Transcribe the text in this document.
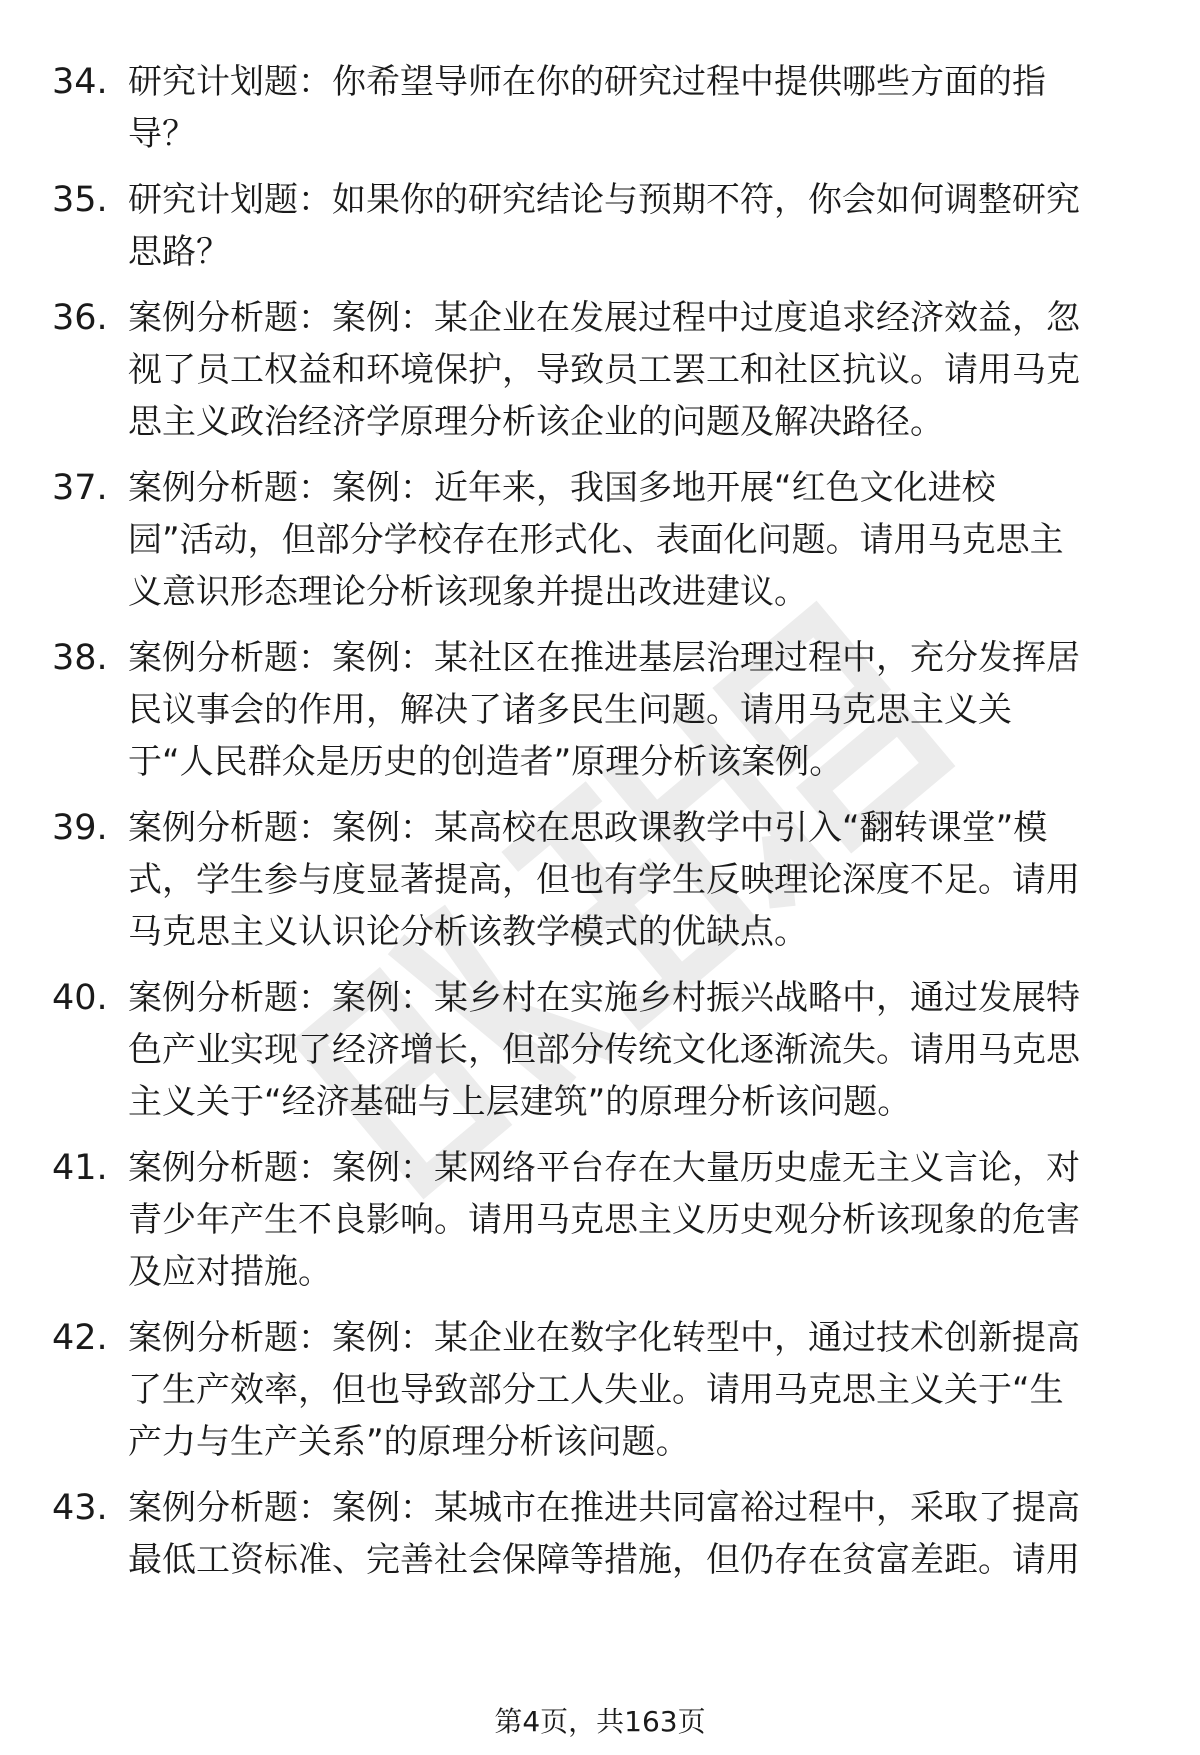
34. 研究计划题：你希望导师在你的研究过程中提供哪些方面的指
导？

35. 研究计划题：如果你的研究结论与预期不符，你会如何调整研究
思路？

36. 案例分析题：案例：某企业在发展过程中过度追求经济效益，忽
视了员工权益和环境保护，导致员工罢工和社区抗议。请用马克
思主义政治经济学原理分析该企业的问题及解决路径。

37. 案例分析题：案例：近年来，我国多地开展“红色文化进校
园”活动，但部分学校存在形式化、表面化问题。请用马克思主
义意识形态理论分析该现象并提出改进建议。

38. 案例分析题：案例：某社区在推进基层治理过程中，充分发挥居
民议事会的作用，解决了诸多民生问题。请用马克思主义关
于“人民群众是历史的创造者”原理分析该案例。

39. 案例分析题：案例：某高校在思政课教学中引入“翻转课堂”模
式，学生参与度显著提高，但也有学生反映理论深度不足。请用
马克思主义认识论分析该教学模式的优缺点。

40. 案例分析题：案例：某乡村在实施乡村振兴战略中，通过发展特
色产业实现了经济增长，但部分传统文化逐渐流失。请用马克思
主义关于“经济基础与上层建筑”的原理分析该问题。

41. 案例分析题：案例：某网络平台存在大量历史虚无主义言论，对
青少年产生不良影响。请用马克思主义历史观分析该现象的危害
及应对措施。

42. 案例分析题：案例：某企业在数字化转型中，通过技术创新提高
了生产效率，但也导致部分工人失业。请用马克思主义关于“生
产力与生产关系”的原理分析该问题。

43. 案例分析题：案例：某城市在推进共同富裕过程中，采取了提高
最低工资标准、完善社会保障等措施，但仍存在贫富差距。请用

第4页，共163页
